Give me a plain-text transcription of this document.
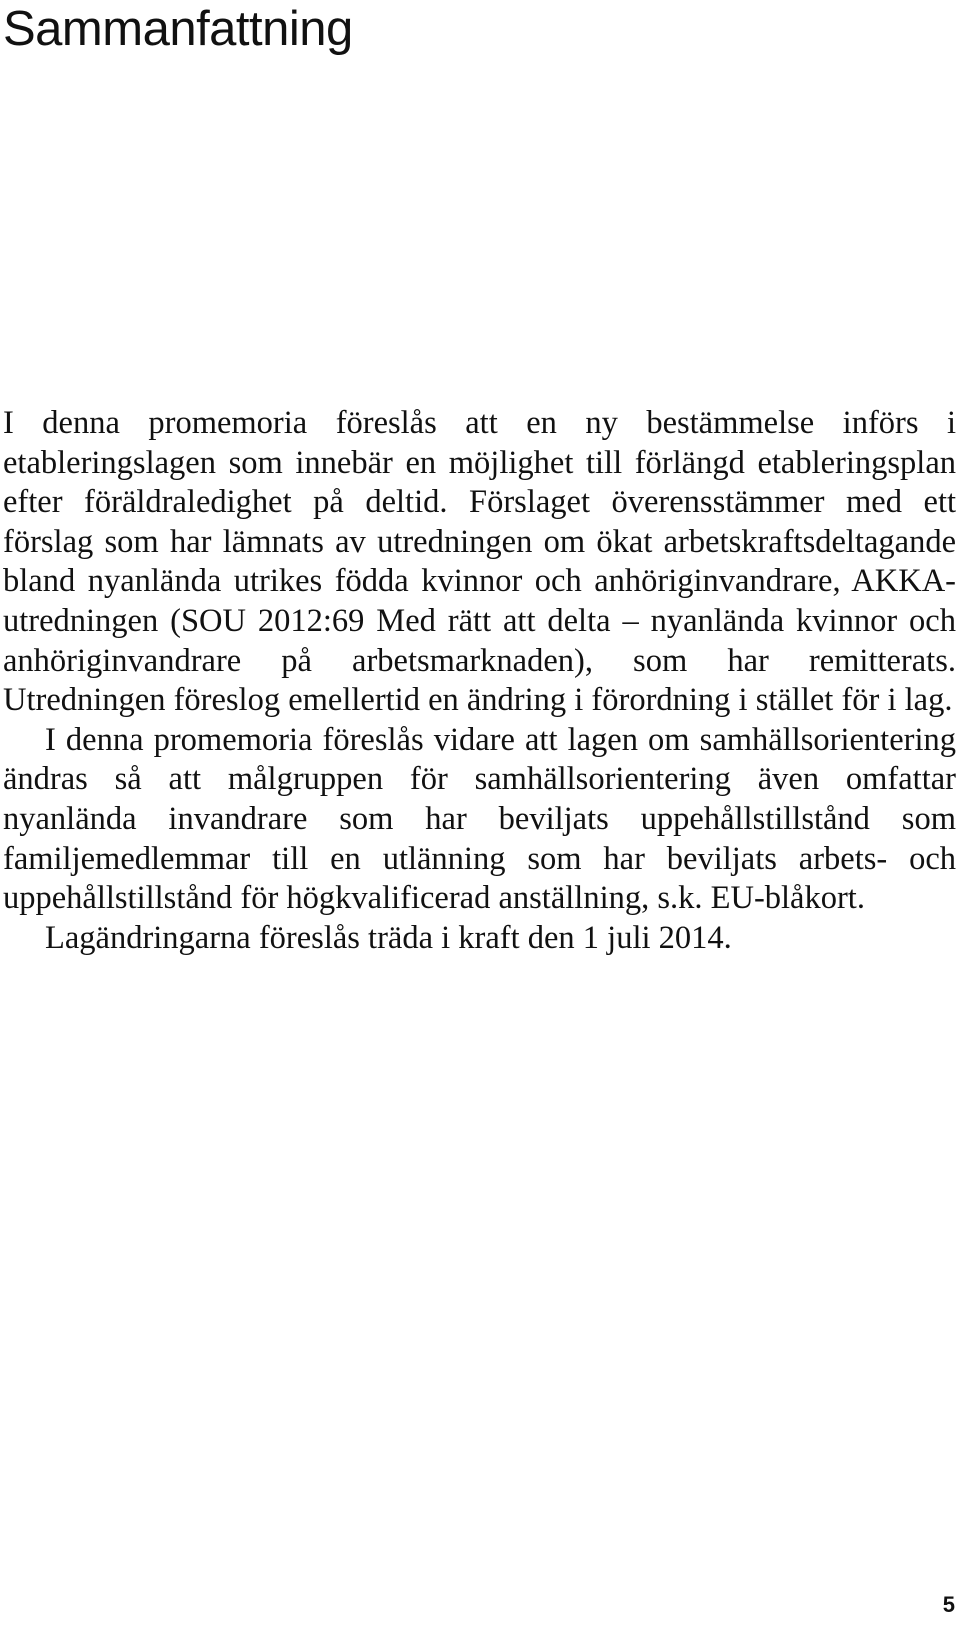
Sammanfattning

I denna promemoria föreslås att en ny bestämmelse införs i etableringslagen som innebär en möjlighet till förlängd etableringsplan efter föräldraledighet på deltid. Förslaget överensstämmer med ett förslag som har lämnats av utredningen om ökat arbetskraftsdeltagande bland nyanlända utrikes födda kvinnor och anhöriginvandrare, AKKA-utredningen (SOU 2012:69 Med rätt att delta – nyanlända kvinnor och anhöriginvandrare på arbetsmarknaden), som har remitterats. Utredningen föreslog emellertid en ändring i förordning i stället för i lag.

I denna promemoria föreslås vidare att lagen om samhällsorientering ändras så att målgruppen för samhällsorientering även omfattar nyanlända invandrare som har beviljats uppehållstillstånd som familjemedlemmar till en utlänning som har beviljats arbets- och uppehållstillstånd för högkvalificerad anställning, s.k. EU-blåkort.

Lagändringarna föreslås träda i kraft den 1 juli 2014.

5
